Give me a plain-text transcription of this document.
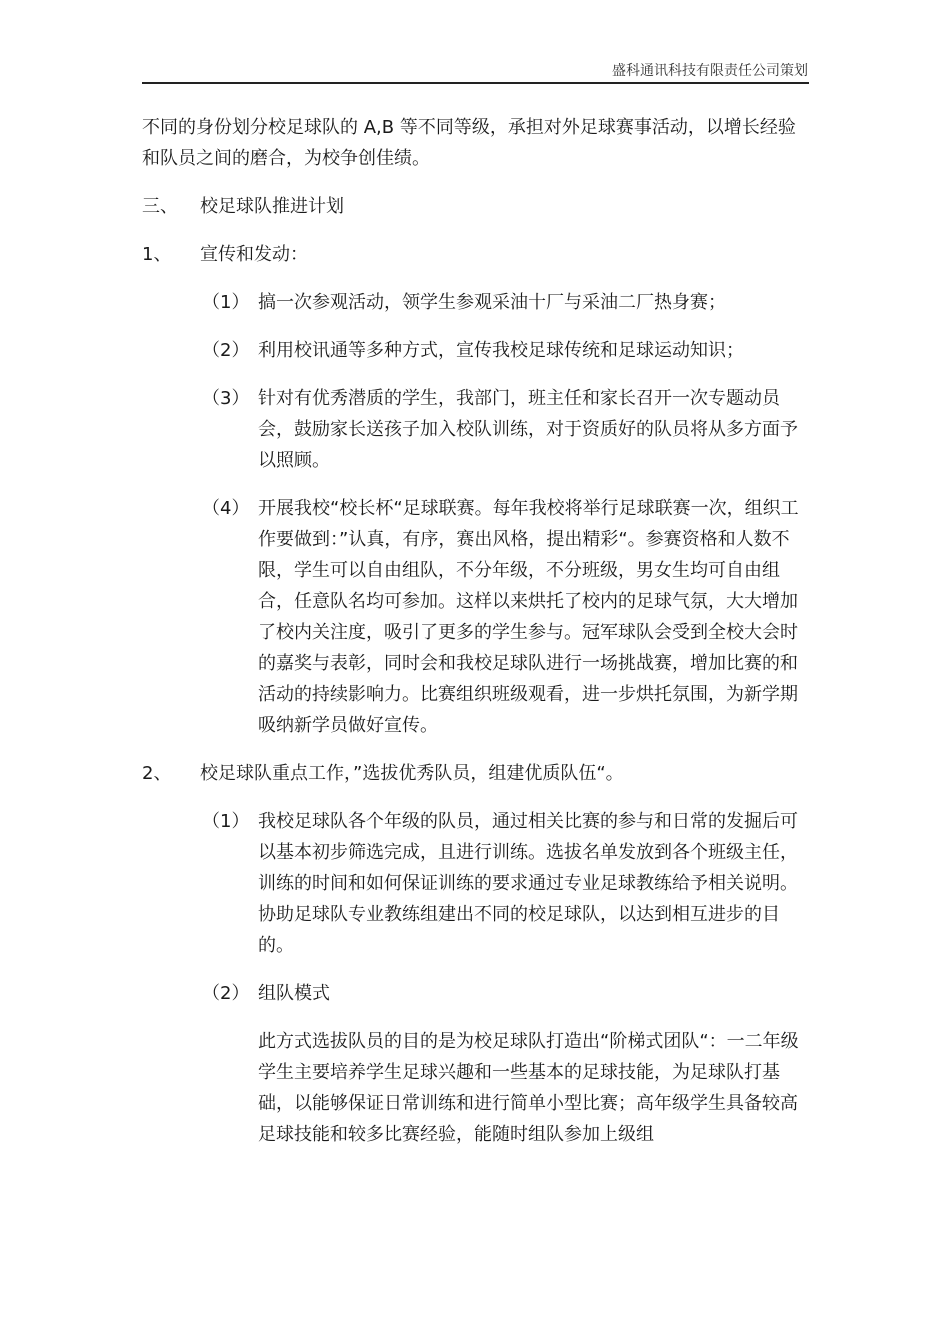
盛科通讯科技有限责任公司策划

不同的身份划分校足球队的 A,B 等不同等级，承担对外足球赛事活动，以增长经验和队员之间的磨合，为校争创佳绩。

三、	校足球队推进计划
1、	宣传和发动：
（1） 搞一次参观活动，领学生参观采油十厂与采油二厂热身赛；
（2） 利用校讯通等多种方式，宣传我校足球传统和足球运动知识；
（3） 针对有优秀潜质的学生，我部门，班主任和家长召开一次专题动员会，鼓励家长送孩子加入校队训练，对于资质好的队员将从多方面予以照顾。
（4） 开展我校“校长杯“足球联赛。每年我校将举行足球联赛一次，组织工作要做到：”认真，有序，赛出风格，提出精彩“。参赛资格和人数不限，学生可以自由组队，不分年级，不分班级，男女生均可自由组合，任意队名均可参加。这样以来烘托了校内的足球气氛，大大增加了校内关注度，吸引了更多的学生参与。冠军球队会受到全校大会时的嘉奖与表彰，同时会和我校足球队进行一场挑战赛，增加比赛的和活动的持续影响力。比赛组织班级观看，进一步烘托氛围，为新学期吸纳新学员做好宣传。
2、	校足球队重点工作，”选拔优秀队员，组建优质队伍“。
（1） 我校足球队各个年级的队员，通过相关比赛的参与和日常的发掘后可以基本初步筛选完成，且进行训练。选拔名单发放到各个班级主任，训练的时间和如何保证训练的要求通过专业足球教练给予相关说明。协助足球队专业教练组建出不同的校足球队，以达到相互进步的目的。
（2） 组队模式

此方式选拔队员的目的是为校足球队打造出“阶梯式团队“：一二年级学生主要培养学生足球兴趣和一些基本的足球技能，为足球队打基础，以能够保证日常训练和进行简单小型比赛；高年级学生具备较高足球技能和较多比赛经验，能随时组队参加上级组
